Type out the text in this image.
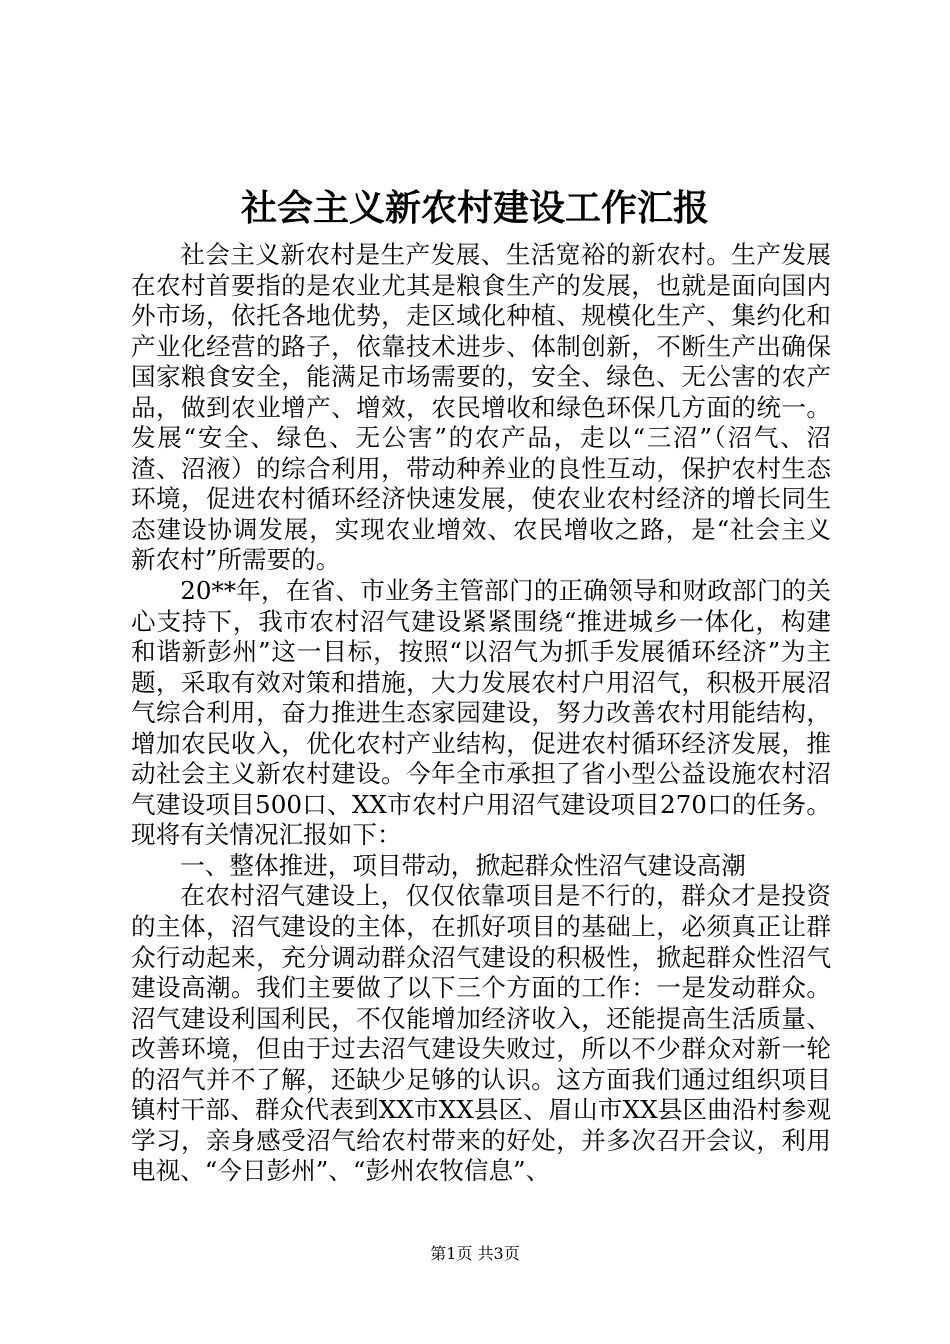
社会主义新农村建设工作汇报

社会主义新农村是生产发展、生活宽裕的新农村。生产发展在农村首要指的是农业尤其是粮食生产的发展，也就是面向国内外市场，依托各地优势，走区域化种植、规模化生产、集约化和产业化经营的路子，依靠技术进步、体制创新，不断生产出确保国家粮食安全，能满足市场需要的，安全、绿色、无公害的农产品，做到农业增产、增效，农民增收和绿色环保几方面的统一。发展“安全、绿色、无公害”的农产品，走以“三沼”（沼气、沼渣、沼液）的综合利用，带动种养业的良性互动，保护农村生态环境，促进农村循环经济快速发展，使农业农村经济的增长同生态建设协调发展，实现农业增效、农民增收之路，是“社会主义新农村”所需要的。

20**年，在省、市业务主管部门的正确领导和财政部门的关心支持下，我市农村沼气建设紧紧围绕“推进城乡一体化，构建和谐新彭州”这一目标，按照“以沼气为抓手发展循环经济”为主题，采取有效对策和措施，大力发展农村户用沼气，积极开展沼气综合利用，奋力推进生态家园建设，努力改善农村用能结构，增加农民收入，优化农村产业结构，促进农村循环经济发展，推动社会主义新农村建设。今年全市承担了省小型公益设施农村沼气建设项目500口、XX市农村户用沼气建设项目270口的任务。现将有关情况汇报如下：

一、整体推进，项目带动，掀起群众性沼气建设高潮

在农村沼气建设上，仅仅依靠项目是不行的，群众才是投资的主体，沼气建设的主体，在抓好项目的基础上，必须真正让群众行动起来，充分调动群众沼气建设的积极性，掀起群众性沼气建设高潮。我们主要做了以下三个方面的工作：一是发动群众。沼气建设利国利民，不仅能增加经济收入，还能提高生活质量、改善环境，但由于过去沼气建设失败过，所以不少群众对新一轮的沼气并不了解，还缺少足够的认识。这方面我们通过组织项目镇村干部、群众代表到XX市XX县区、眉山市XX县区曲沿村参观学习，亲身感受沼气给农村带来的好处，并多次召开会议，利用电视、“今日彭州”、“彭州农牧信息”、

第1页 共3页
